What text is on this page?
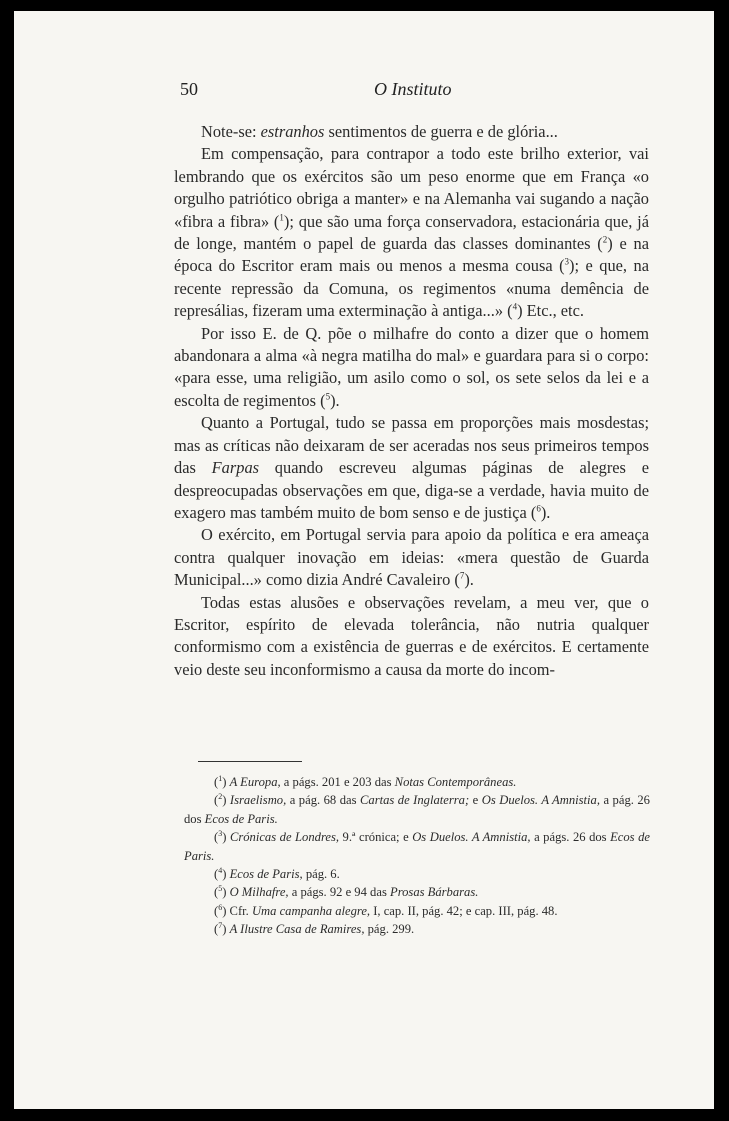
50	O Instituto

Note-se: estranhos sentimentos de guerra e de glória...

Em compensação, para contrapor a todo este brilho exterior, vai lembrando que os exércitos são um peso enorme que em França «o orgulho patriótico obriga a manter» e na Alemanha vai sugando a nação «fibra a fibra» ($^1$); que são uma força conservadora, estacionária que, já de longe, mantém o papel de guarda das classes dominantes ($^2$) e na época do Escritor eram mais ou menos a mesma cousa ($^3$); e que, na recente repressão da Comuna, os regimentos «numa demência de represálias, fizeram uma exterminação à antiga...» ($^4$) Etc., etc.

Por isso E. de Q. põe o milhafre do conto a dizer que o homem abandonara a alma «à negra matilha do mal» e guardara para si o corpo: «para esse, uma religião, um asilo como o sol, os sete selos da lei e a escolta de regimentos ($^5$).

Quanto a Portugal, tudo se passa em proporções mais mosdestas; mas as críticas não deixaram de ser aceradas nos seus primeiros tempos das Farpas quando escreveu algumas páginas de alegres e despreocupadas observações em que, diga-se a verdade, havia muito de exagero mas também muito de bom senso e de justiça ($^6$).

O exército, em Portugal servia para apoio da política e era ameaça contra qualquer inovação em ideias: «mera questão de Guarda Municipal...» como dizia André Cavaleiro ($^7$).

Todas estas alusões e observações revelam, a meu ver, que o Escritor, espírito de elevada tolerância, não nutria qualquer conformismo com a existência de guerras e de exércitos. E certamente veio deste seu inconformismo a causa da morte do incom-

($^1$) A Europa, a págs. 201 e 203 das Notas Contemporâneas.

($^2$) Israelismo, a pág. 68 das Cartas de Inglaterra; e Os Duelos. A Amnistia, a pág. 26 dos Ecos de Paris.

($^3$) Crónicas de Londres, 9.ª crónica; e Os Duelos. A Amnistia, a págs. 26 dos Ecos de Paris.

($^4$) Ecos de Paris, pág. 6.

($^5$) O Milhafre, a págs. 92 e 94 das Prosas Bárbaras.

($^6$) Cfr. Uma campanha alegre, I, cap. II, pág. 42; e cap. III, pág. 48.

($^7$) A Ilustre Casa de Ramires, pág. 299.
